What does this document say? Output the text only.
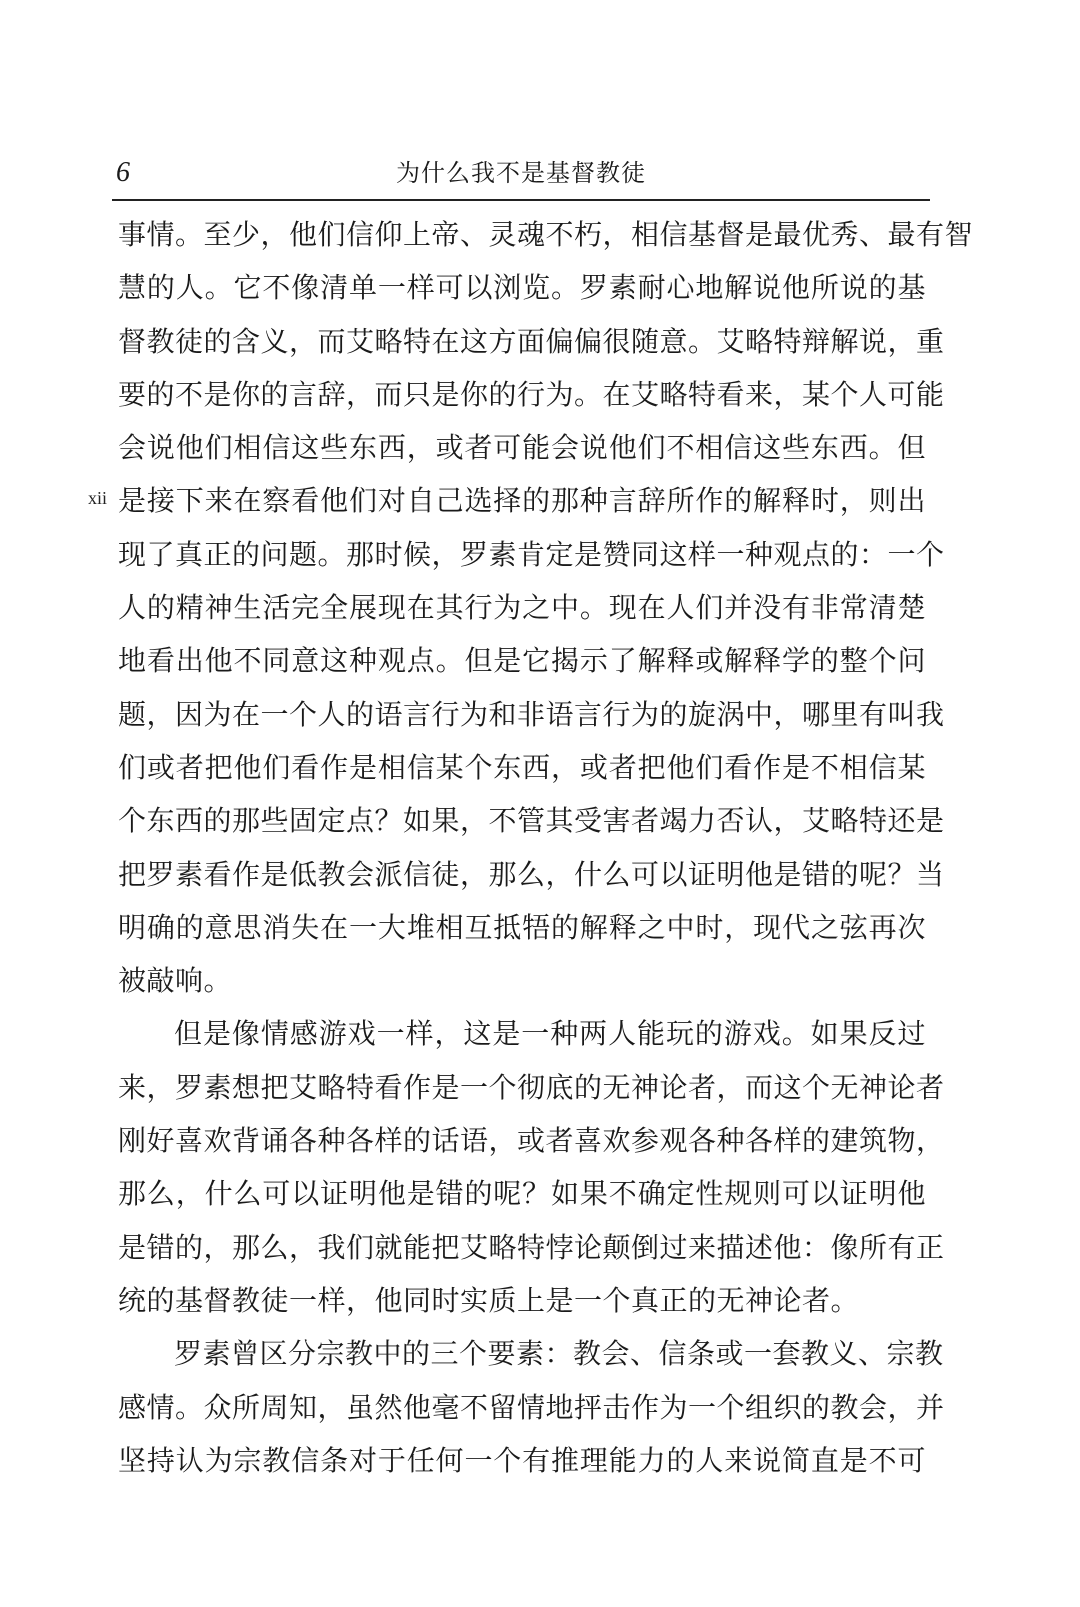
6	为什么我不是基督教徒
xii
事情。至少，他们信仰上帝、灵魂不朽，相信基督是最优秀、最有智
慧的人。它不像清单一样可以浏览。罗素耐心地解说他所说的基
督教徒的含义，而艾略特在这方面偏偏很随意。艾略特辩解说，重
要的不是你的言辞，而只是你的行为。在艾略特看来，某个人可能
会说他们相信这些东西，或者可能会说他们不相信这些东西。但
是接下来在察看他们对自己选择的那种言辞所作的解释时，则出
现了真正的问题。那时候，罗素肯定是赞同这样一种观点的：一个
人的精神生活完全展现在其行为之中。现在人们并没有非常清楚
地看出他不同意这种观点。但是它揭示了解释或解释学的整个问
题，因为在一个人的语言行为和非语言行为的旋涡中，哪里有叫我
们或者把他们看作是相信某个东西，或者把他们看作是不相信某
个东西的那些固定点？如果，不管其受害者竭力否认，艾略特还是
把罗素看作是低教会派信徒，那么，什么可以证明他是错的呢？当
明确的意思消失在一大堆相互抵牾的解释之中时，现代之弦再次
被敲响。
但是像情感游戏一样，这是一种两人能玩的游戏。如果反过
来，罗素想把艾略特看作是一个彻底的无神论者，而这个无神论者
刚好喜欢背诵各种各样的话语，或者喜欢参观各种各样的建筑物，
那么，什么可以证明他是错的呢？如果不确定性规则可以证明他
是错的，那么，我们就能把艾略特悖论颠倒过来描述他：像所有正
统的基督教徒一样，他同时实质上是一个真正的无神论者。
罗素曾区分宗教中的三个要素：教会、信条或一套教义、宗教
感情。众所周知，虽然他毫不留情地抨击作为一个组织的教会，并
坚持认为宗教信条对于任何一个有推理能力的人来说简直是不可
